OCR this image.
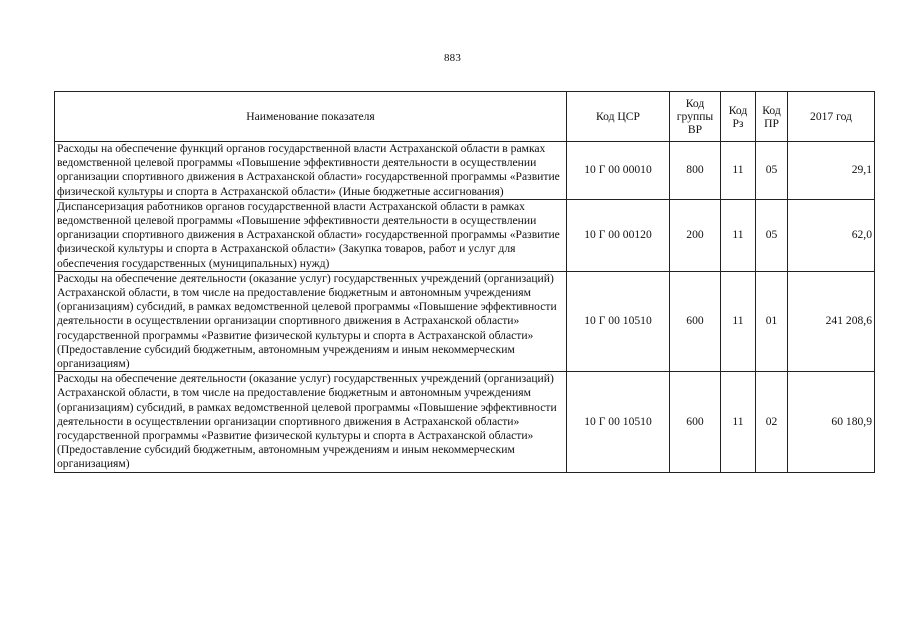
883
Наименование показателя	Код ЦСР	Код группы ВР	Код Рз	Код ПР	2017 год
Расходы на обеспечение функций органов государственной власти Астраханской области в рамках ведомственной целевой программы «Повышение эффективности деятельности в осуществлении организации спортивного движения в Астраханской области» государственной программы «Развитие физической культуры и спорта в Астраханской области» (Иные бюджетные ассигнования)	10 Г 00 00010	800	11	05	29,1
Диспансеризация работников органов государственной власти Астраханской области в рамках ведомственной целевой программы «Повышение эффективности деятельности в осуществлении организации спортивного движения в Астраханской области» государственной программы «Развитие физической культуры и спорта в Астраханской области» (Закупка товаров, работ и услуг для обеспечения государственных (муниципальных) нужд)	10 Г 00 00120	200	11	05	62,0
Расходы на обеспечение деятельности (оказание услуг) государственных учреждений (организаций) Астраханской области, в том числе на предоставление бюджетным и автономным учреждениям (организациям) субсидий, в рамках ведомственной целевой программы «Повышение эффективности деятельности в осуществлении организации спортивного движения в Астраханской области» государственной программы «Развитие физической культуры и спорта в Астраханской области» (Предоставление субсидий бюджетным, автономным учреждениям и иным некоммерческим организациям)	10 Г 00 10510	600	11	01	241 208,6
Расходы на обеспечение деятельности (оказание услуг) государственных учреждений (организаций) Астраханской области, в том числе на предоставление бюджетным и автономным учреждениям (организациям) субсидий, в рамках ведомственной целевой программы «Повышение эффективности деятельности в осуществлении организации спортивного движения в Астраханской области» государственной программы «Развитие физической культуры и спорта в Астраханской области» (Предоставление субсидий бюджетным, автономным учреждениям и иным некоммерческим организациям)	10 Г 00 10510	600	11	02	60 180,9
